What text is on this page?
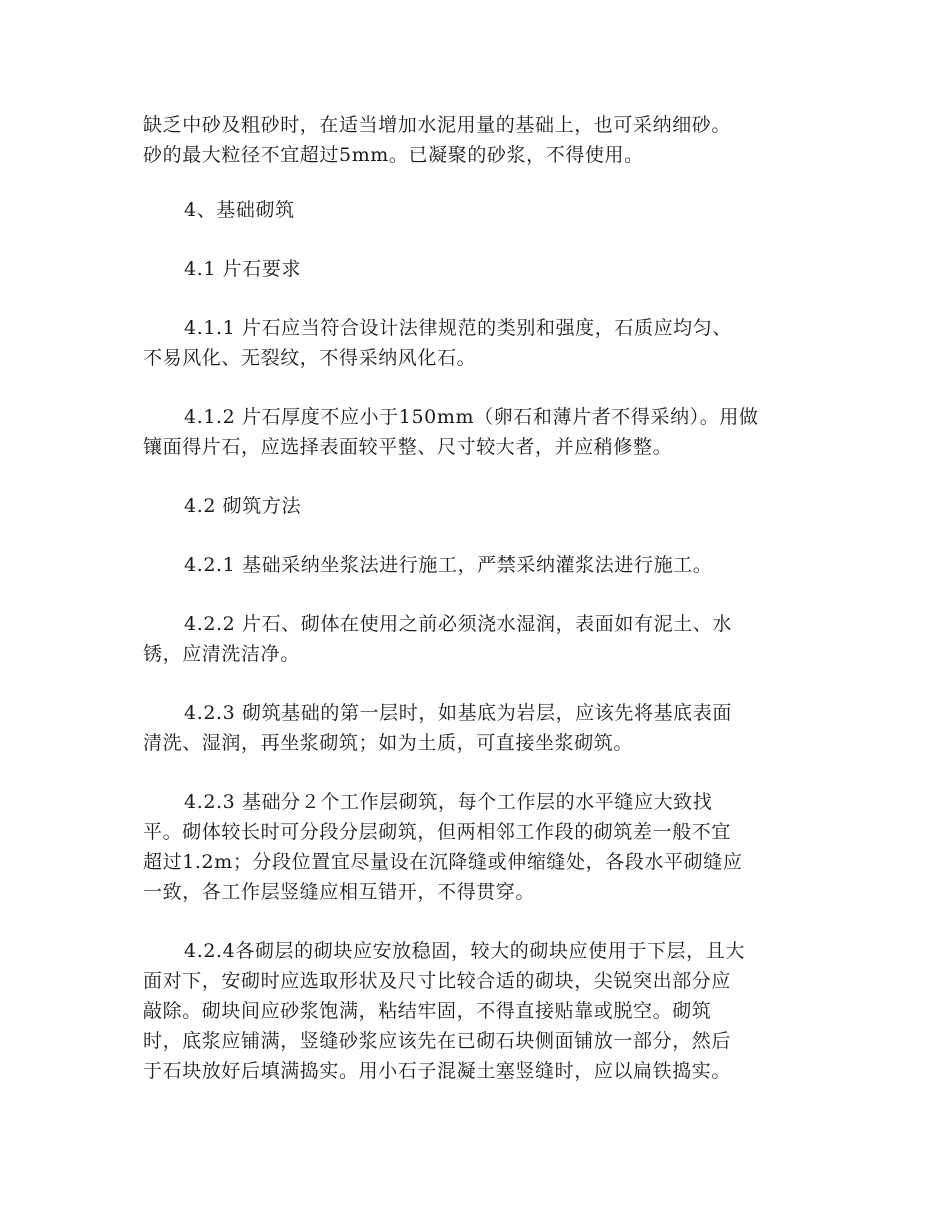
缺乏中砂及粗砂时，在适当增加水泥用量的基础上，也可采纳细砂。
砂的最大粒径不宜超过5mm。已凝聚的砂浆，不得使用。
4、基础砌筑
4.1 片石要求
4.1.1 片石应当符合设计法律规范的类别和强度，石质应均匀、
不易风化、无裂纹，不得采纳风化石。
4.1.2 片石厚度不应小于150mm（卵石和薄片者不得采纳）。用做
镶面得片石，应选择表面较平整、尺寸较大者，并应稍修整。
4.2 砌筑方法
4.2.1 基础采纳坐浆法进行施工，严禁采纳灌浆法进行施工。
4.2.2 片石、砌体在使用之前必须浇水湿润，表面如有泥土、水
锈，应清洗洁净。
4.2.3 砌筑基础的第一层时，如基底为岩层，应该先将基底表面
清洗、湿润，再坐浆砌筑；如为土质，可直接坐浆砌筑。
4.2.3 基础分２个工作层砌筑，每个工作层的水平缝应大致找
平。砌体较长时可分段分层砌筑，但两相邻工作段的砌筑差一般不宜
超过1.2m；分段位置宜尽量设在沉降缝或伸缩缝处，各段水平砌缝应
一致，各工作层竖缝应相互错开，不得贯穿。
4.2.4各砌层的砌块应安放稳固，较大的砌块应使用于下层，且大
面对下，安砌时应选取形状及尺寸比较合适的砌块，尖锐突出部分应
敲除。砌块间应砂浆饱满，粘结牢固，不得直接贴靠或脱空。砌筑
时，底浆应铺满，竖缝砂浆应该先在已砌石块侧面铺放一部分，然后
于石块放好后填满捣实。用小石子混凝土塞竖缝时，应以扁铁捣实。
